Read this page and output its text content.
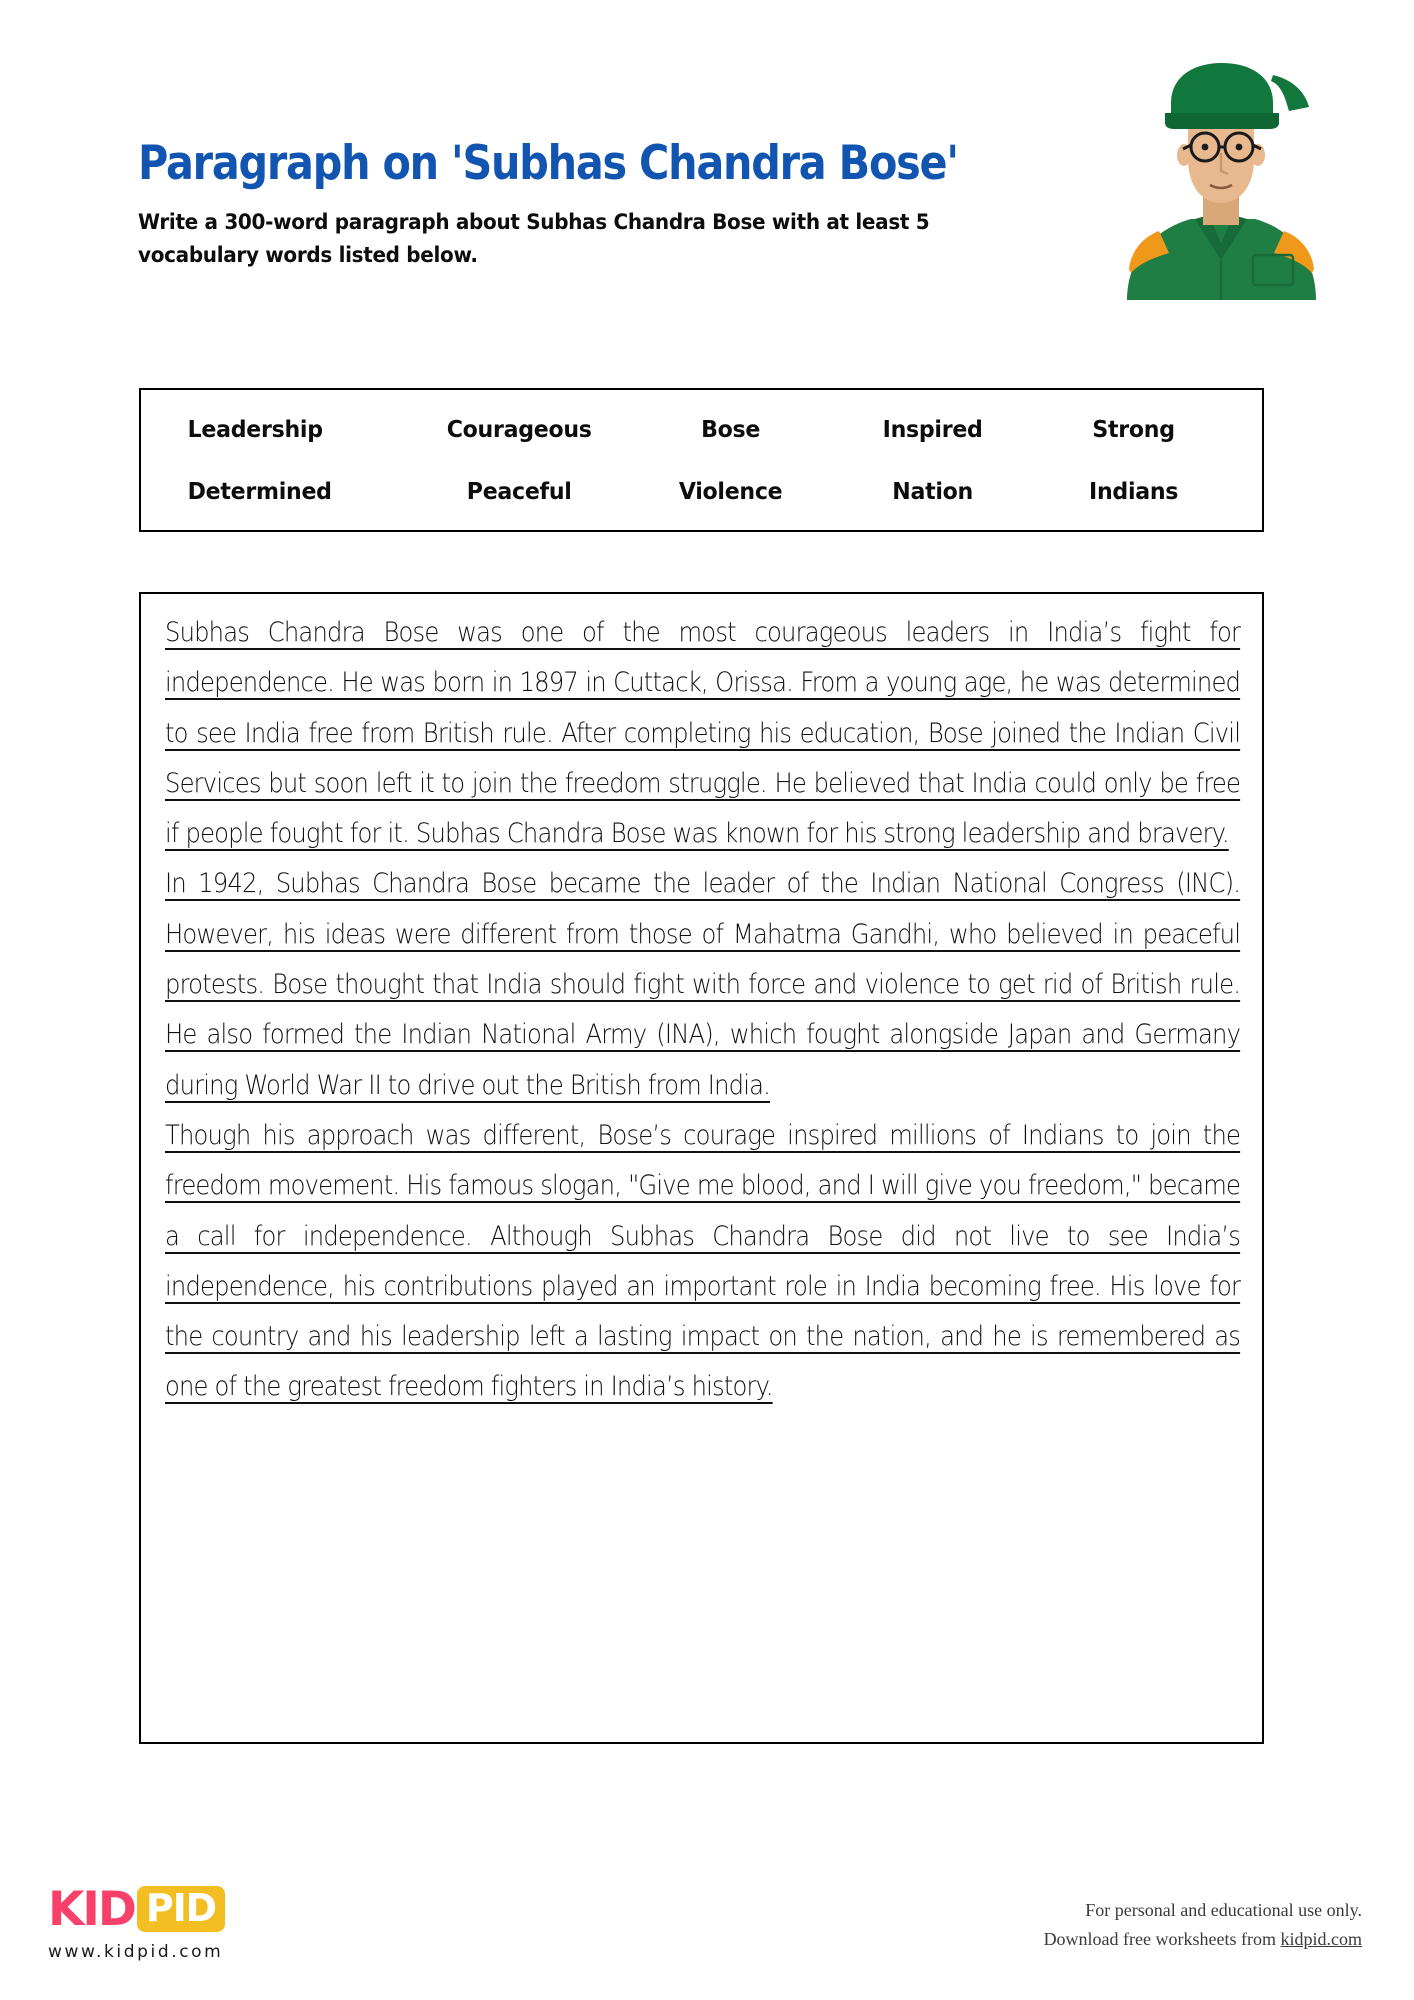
Paragraph on 'Subhas Chandra Bose'
Write a 300-word paragraph about Subhas Chandra Bose with at least 5 vocabulary words listed below.
Leadership	Courageous	Bose	Inspired	Strong
Determined	Peaceful	Violence	Nation	Indians
Subhas Chandra Bose was one of the most courageous leaders in India’s fight for independence. He was born in 1897 in Cuttack, Orissa. From a young age, he was determined to see India free from British rule. After completing his education, Bose joined the Indian Civil Services but soon left it to join the freedom struggle. He believed that India could only be free if people fought for it. Subhas Chandra Bose was known for his strong leadership and bravery.
In 1942, Subhas Chandra Bose became the leader of the Indian National Congress (INC). However, his ideas were different from those of Mahatma Gandhi, who believed in peaceful protests. Bose thought that India should fight with force and violence to get rid of British rule. He also formed the Indian National Army (INA), which fought alongside Japan and Germany during World War II to drive out the British from India.
Though his approach was different, Bose’s courage inspired millions of Indians to join the freedom movement. His famous slogan, "Give me blood, and I will give you freedom," became a call for independence. Although Subhas Chandra Bose did not live to see India’s independence, his contributions played an important role in India becoming free. His love for the country and his leadership left a lasting impact on the nation, and he is remembered as one of the greatest freedom fighters in India’s history.
KID PID
www.kidpid.com
For personal and educational use only.
Download free worksheets from kidpid.com
